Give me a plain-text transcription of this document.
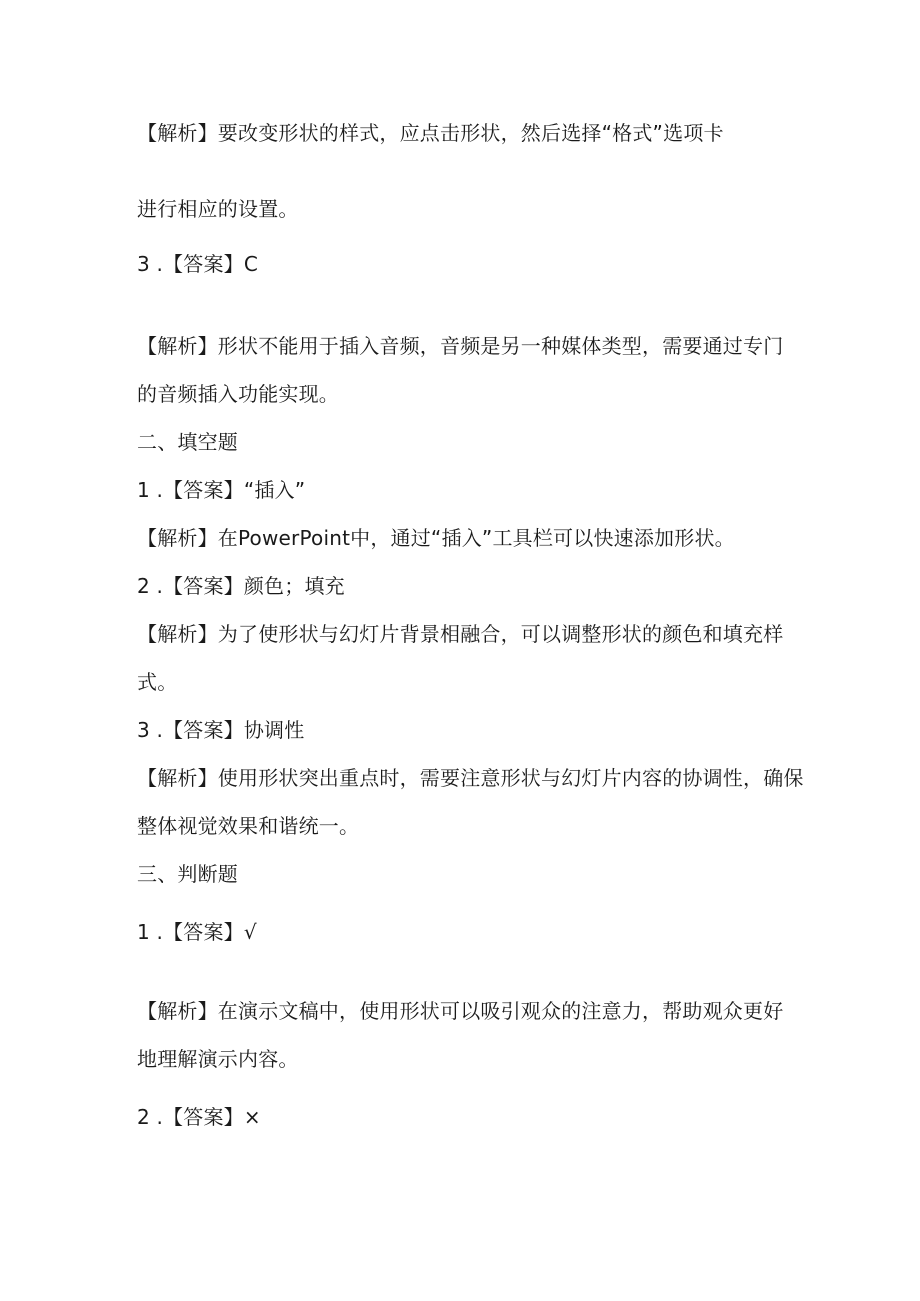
【解析】要改变形状的样式，应点击形状，然后选择“格式”选项卡
进行相应的设置。
3 .【答案】C
【解析】形状不能用于插入音频，音频是另一种媒体类型，需要通过专门
的音频插入功能实现。
二、填空题
1 .【答案】“插入”
【解析】在PowerPoint中，通过“插入”工具栏可以快速添加形状。
2 .【答案】颜色；填充
【解析】为了使形状与幻灯片背景相融合，可以调整形状的颜色和填充样
式。
3 .【答案】协调性
【解析】使用形状突出重点时，需要注意形状与幻灯片内容的协调性，确保
整体视觉效果和谐统一。
三、判断题
1 .【答案】√
【解析】在演示文稿中，使用形状可以吸引观众的注意力，帮助观众更好
地理解演示内容。
2 .【答案】×
